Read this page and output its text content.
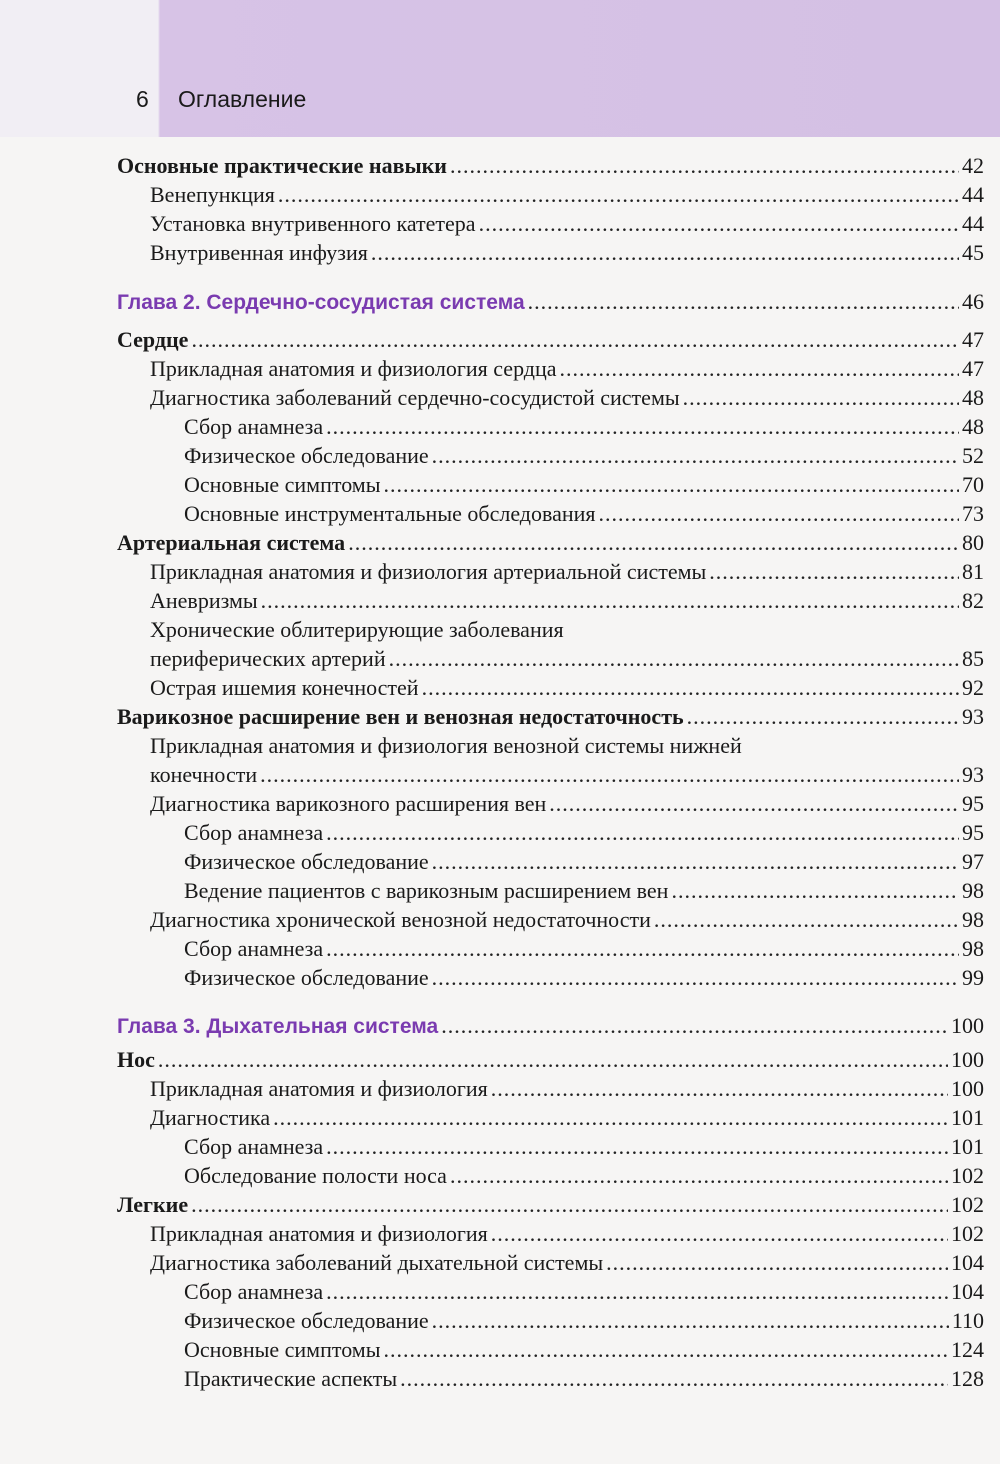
6 Оглавление
Основные практические навыки .....	42
Венепункция .....	44
Установка внутривенного катетера .....	44
Внутривенная инфузия .....	45
Глава 2. Сердечно-сосудистая система .....	46
Сердце .....	47
Прикладная анатомия и физиология сердца .....	47
Диагностика заболеваний сердечно-сосудистой системы .....	48
Сбор анамнеза .....	48
Физическое обследование .....	52
Основные симптомы .....	70
Основные инструментальные обследования .....	73
Артериальная система .....	80
Прикладная анатомия и физиология артериальной системы .....	81
Аневризмы .....	82
Хронические облитерирующие заболевания
периферических артерий .....	85
Острая ишемия конечностей .....	92
Варикозное расширение вен и венозная недостаточность .....	93
Прикладная анатомия и физиология венозной системы нижней
конечности .....	93
Диагностика варикозного расширения вен .....	95
Сбор анамнеза .....	95
Физическое обследование .....	97
Ведение пациентов с варикозным расширением вен .....	98
Диагностика хронической венозной недостаточности .....	98
Сбор анамнеза .....	98
Физическое обследование .....	99
Глава 3. Дыхательная система .....	100
Нос .....	100
Прикладная анатомия и физиология .....	100
Диагностика .....	101
Сбор анамнеза .....	101
Обследование полости носа .....	102
Легкие .....	102
Прикладная анатомия и физиология .....	102
Диагностика заболеваний дыхательной системы .....	104
Сбор анамнеза .....	104
Физическое обследование .....	110
Основные симптомы .....	124
Практические аспекты .....	128
